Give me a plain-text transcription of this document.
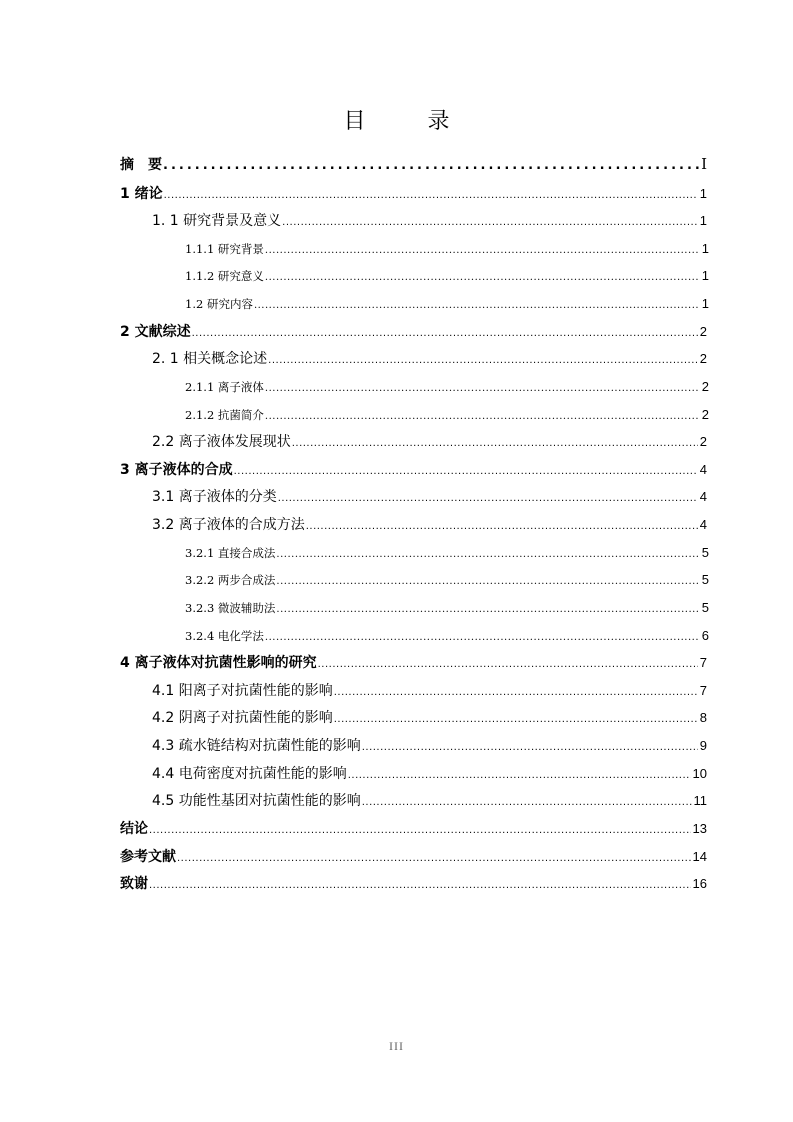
目　录
摘　要 .....	I
1 绪论 .....	1
1. 1 研究背景及意义 .....	1
1.1.1 研究背景 .....	1
1.1.2 研究意义 .....	1
1.2 研究内容 .....	1
2 文献综述 .....	2
2. 1 相关概念论述 .....	2
2.1.1 离子液体 .....	2
2.1.2 抗菌简介 .....	2
2.2 离子液体发展现状 .....	2
3 离子液体的合成 .....	4
3.1 离子液体的分类 .....	4
3.2 离子液体的合成方法 .....	4
3.2.1 直接合成法 .....	5
3.2.2 两步合成法 .....	5
3.2.3 微波辅助法 .....	5
3.2.4 电化学法 .....	6
4 离子液体对抗菌性影响的研究 .....	7
4.1 阳离子对抗菌性能的影响 .....	7
4.2 阴离子对抗菌性能的影响 .....	8
4.3 疏水链结构对抗菌性能的影响 .....	9
4.4 电荷密度对抗菌性能的影响 .....	10
4.5 功能性基团对抗菌性能的影响 .....	11
结论 .....	13
参考文献 .....	14
致谢 .....	16
III
